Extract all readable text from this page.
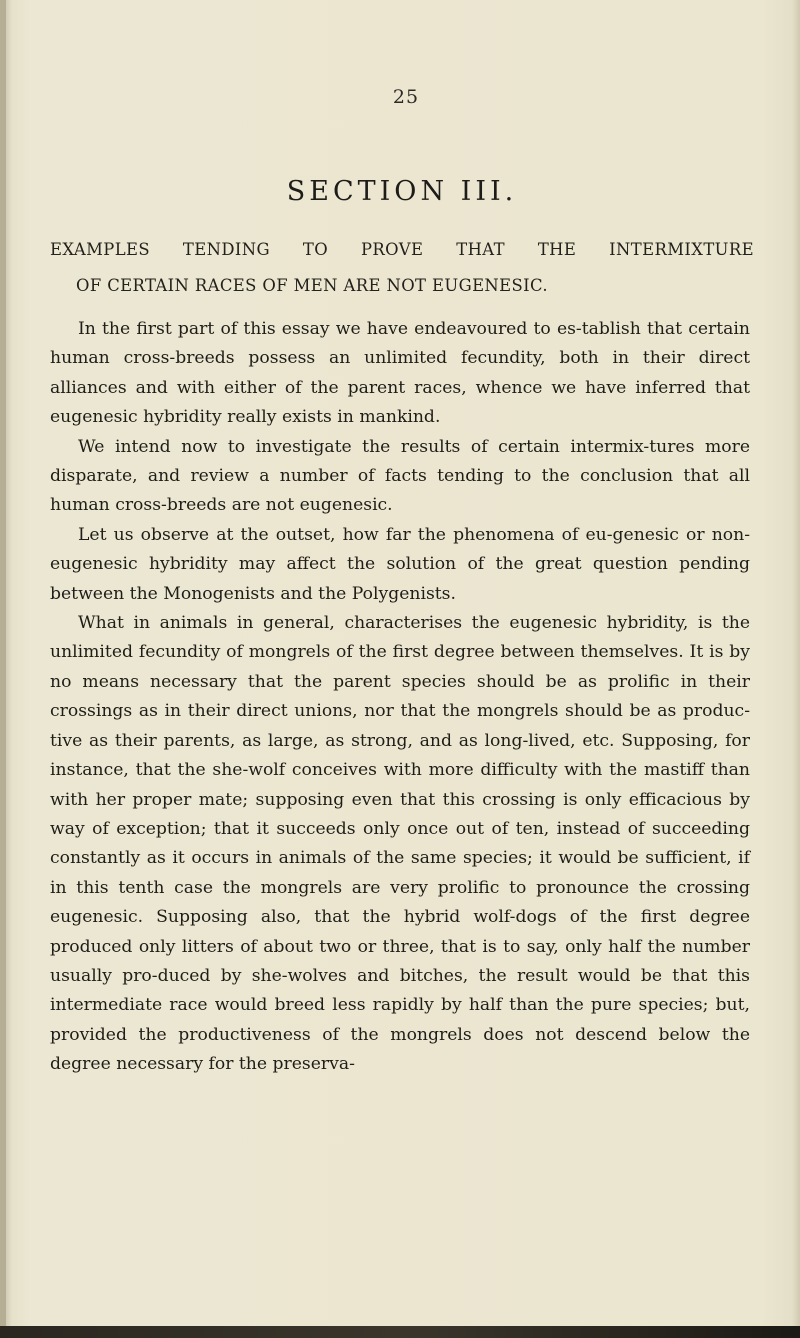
25
SECTION III.
EXAMPLES TENDING TO PROVE THAT THE INTERMIXTURE
OF CERTAIN RACES OF MEN ARE NOT EUGENESIC.

In the first part of this essay we have endeavoured to es-tablish that certain human cross-breeds possess an unlimited fecundity, both in their direct alliances and with either of the parent races, whence we have inferred that eugenesic hybridity really exists in mankind.

We intend now to investigate the results of certain intermix-tures more disparate, and review a number of facts tending to the conclusion that all human cross-breeds are not eugenesic.

Let us observe at the outset, how far the phenomena of eu-genesic or non-eugenesic hybridity may affect the solution of the great question pending between the Monogenists and the Polygenists.

What in animals in general, characterises the eugenesic hybridity, is the unlimited fecundity of mongrels of the first degree between themselves. It is by no means necessary that the parent species should be as prolific in their crossings as in their direct unions, nor that the mongrels should be as produc-tive as their parents, as large, as strong, and as long-lived, etc. Supposing, for instance, that the she-wolf conceives with more difficulty with the mastiff than with her proper mate; supposing even that this crossing is only efficacious by way of exception; that it succeeds only once out of ten, instead of succeeding constantly as it occurs in animals of the same species; it would be sufficient, if in this tenth case the mongrels are very prolific to pronounce the crossing eugenesic. Supposing also, that the hybrid wolf-dogs of the first degree produced only litters of about two or three, that is to say, only half the number usually pro-duced by she-wolves and bitches, the result would be that this intermediate race would breed less rapidly by half than the pure species; but, provided the productiveness of the mongrels does not descend below the degree necessary for the preserva-
